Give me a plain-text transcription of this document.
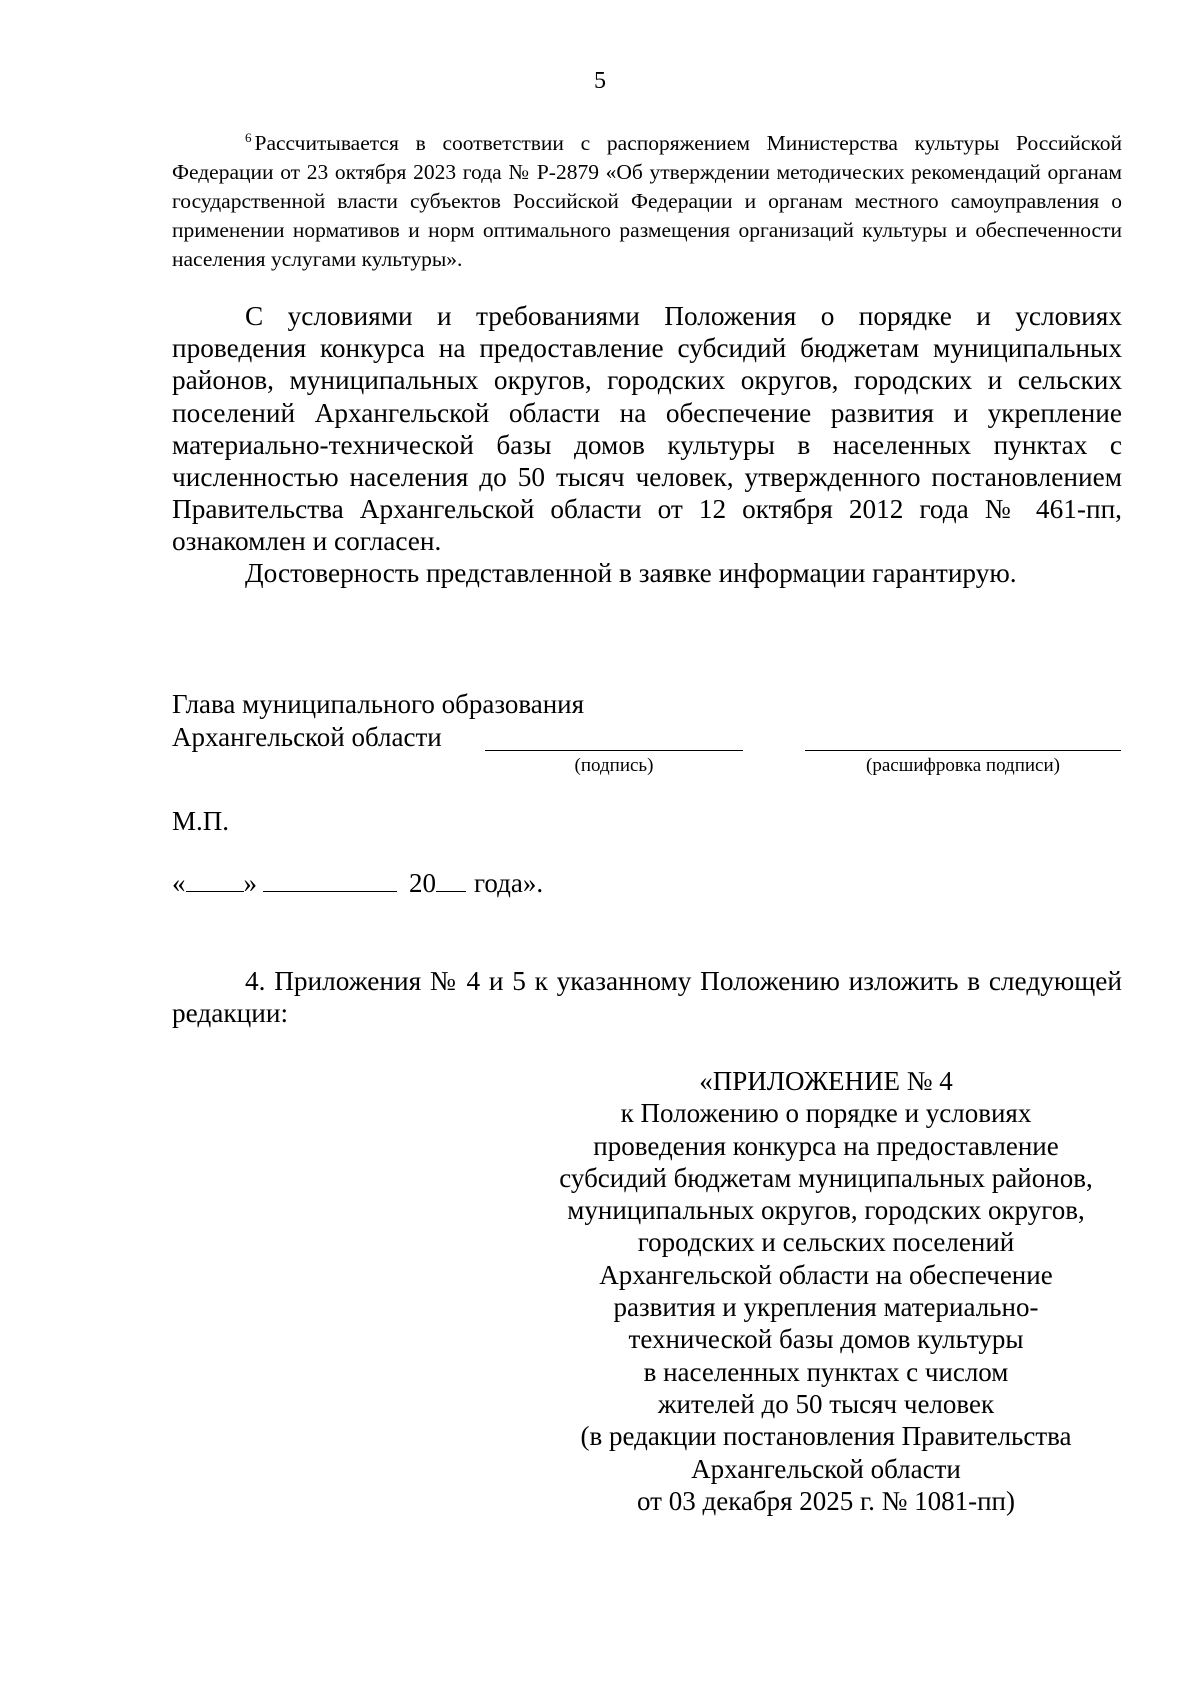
5
$^6$ Рассчитывается в соответствии с распоряжением Министерства культуры Российской Федерации от 23 октября 2023 года № Р-2879 «Об утверждении методических рекомендаций органам государственной власти субъектов Российской Федерации и органам местного самоуправления о применении нормативов и норм оптимального размещения организаций культуры и обеспеченности населения услугами культуры».
С условиями и требованиями Положения о порядке и условиях проведения конкурса на предоставление субсидий бюджетам муниципальных районов, муниципальных округов, городских округов, городских и сельских поселений Архангельской области на обеспечение развития и укрепление материально-технической базы домов культуры в населенных пунктах с численностью населения до 50 тысяч человек, утвержденного постановлением Правительства Архангельской области от 12 октября 2012 года № 461-пп, ознакомлен и согласен.
Достоверность представленной в заявке информации гарантирую.
Глава муниципального образования
Архангельской области
(подпись)	(расшифровка подписи)
М.П.
« »	20 года».
4. Приложения № 4 и 5 к указанному Положению изложить в следующей редакции:
«ПРИЛОЖЕНИЕ № 4
к Положению о порядке и условиях
проведения конкурса на предоставление
субсидий бюджетам муниципальных районов,
муниципальных округов, городских округов,
городских и сельских поселений
Архангельской области на обеспечение
развития и укрепления материально-
технической базы домов культуры
в населенных пунктах с числом
жителей до 50 тысяч человек
(в редакции постановления Правительства
Архангельской области
от 03 декабря 2025 г. № 1081-пп)
